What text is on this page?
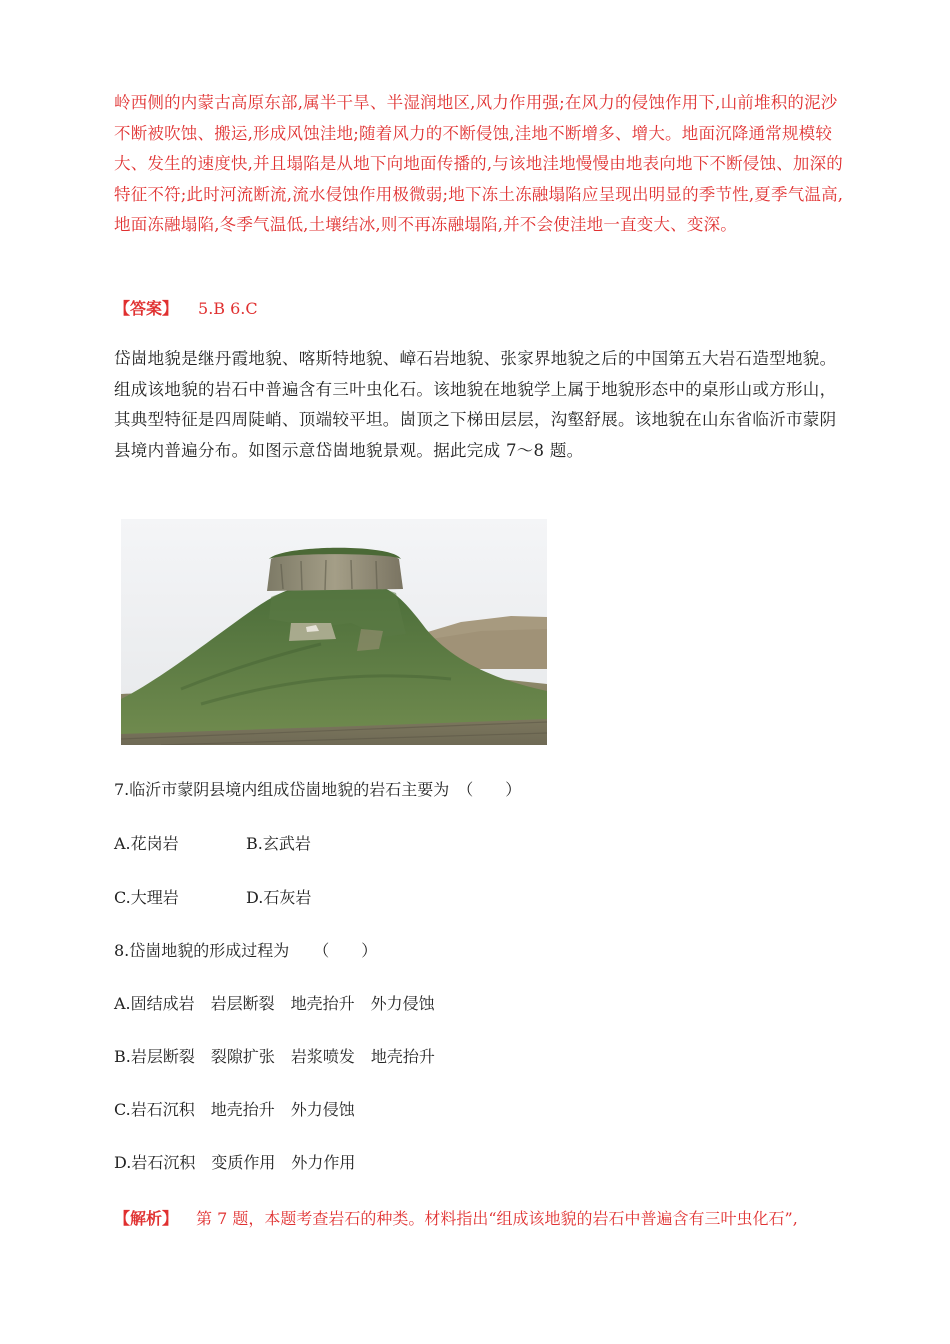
岭西侧的内蒙古高原东部,属半干旱、半湿润地区,风力作用强;在风力的侵蚀作用下,山前堆积的泥沙不断被吹蚀、搬运,形成风蚀洼地;随着风力的不断侵蚀,洼地不断增多、增大。地面沉降通常规模较大、发生的速度快,并且塌陷是从地下向地面传播的,与该地洼地慢慢由地表向地下不断侵蚀、加深的特征不符;此时河流断流,流水侵蚀作用极微弱;地下冻土冻融塌陷应呈现出明显的季节性,夏季气温高,地面冻融塌陷,冬季气温低,土壤结冰,则不再冻融塌陷,并不会使洼地一直变大、变深。
【答案】 5.B 6.C
岱崮地貌是继丹霞地貌、喀斯特地貌、嶂石岩地貌、张家界地貌之后的中国第五大岩石造型地貌。组成该地貌的岩石中普遍含有三叶虫化石。该地貌在地貌学上属于地貌形态中的桌形山或方形山，其典型特征是四周陡峭、顶端较平坦。崮顶之下梯田层层，沟壑舒展。该地貌在山东省临沂市蒙阴县境内普遍分布。如图示意岱崮地貌景观。据此完成 7～8 题。
7.临沂市蒙阴县境内组成岱崮地貌的岩石主要为　（　　）
A.花岗岩	B.玄武岩
C.大理岩	D.石灰岩
8.岱崮地貌的形成过程为　　（　　）
A.固结成岩　岩层断裂　地壳抬升　外力侵蚀
B.岩层断裂　裂隙扩张　岩浆喷发　地壳抬升
C.岩石沉积　地壳抬升　外力侵蚀
D.岩石沉积　变质作用　外力作用
【解析】 第 7 题，本题考查岩石的种类。材料指出“组成该地貌的岩石中普遍含有三叶虫化石”,
